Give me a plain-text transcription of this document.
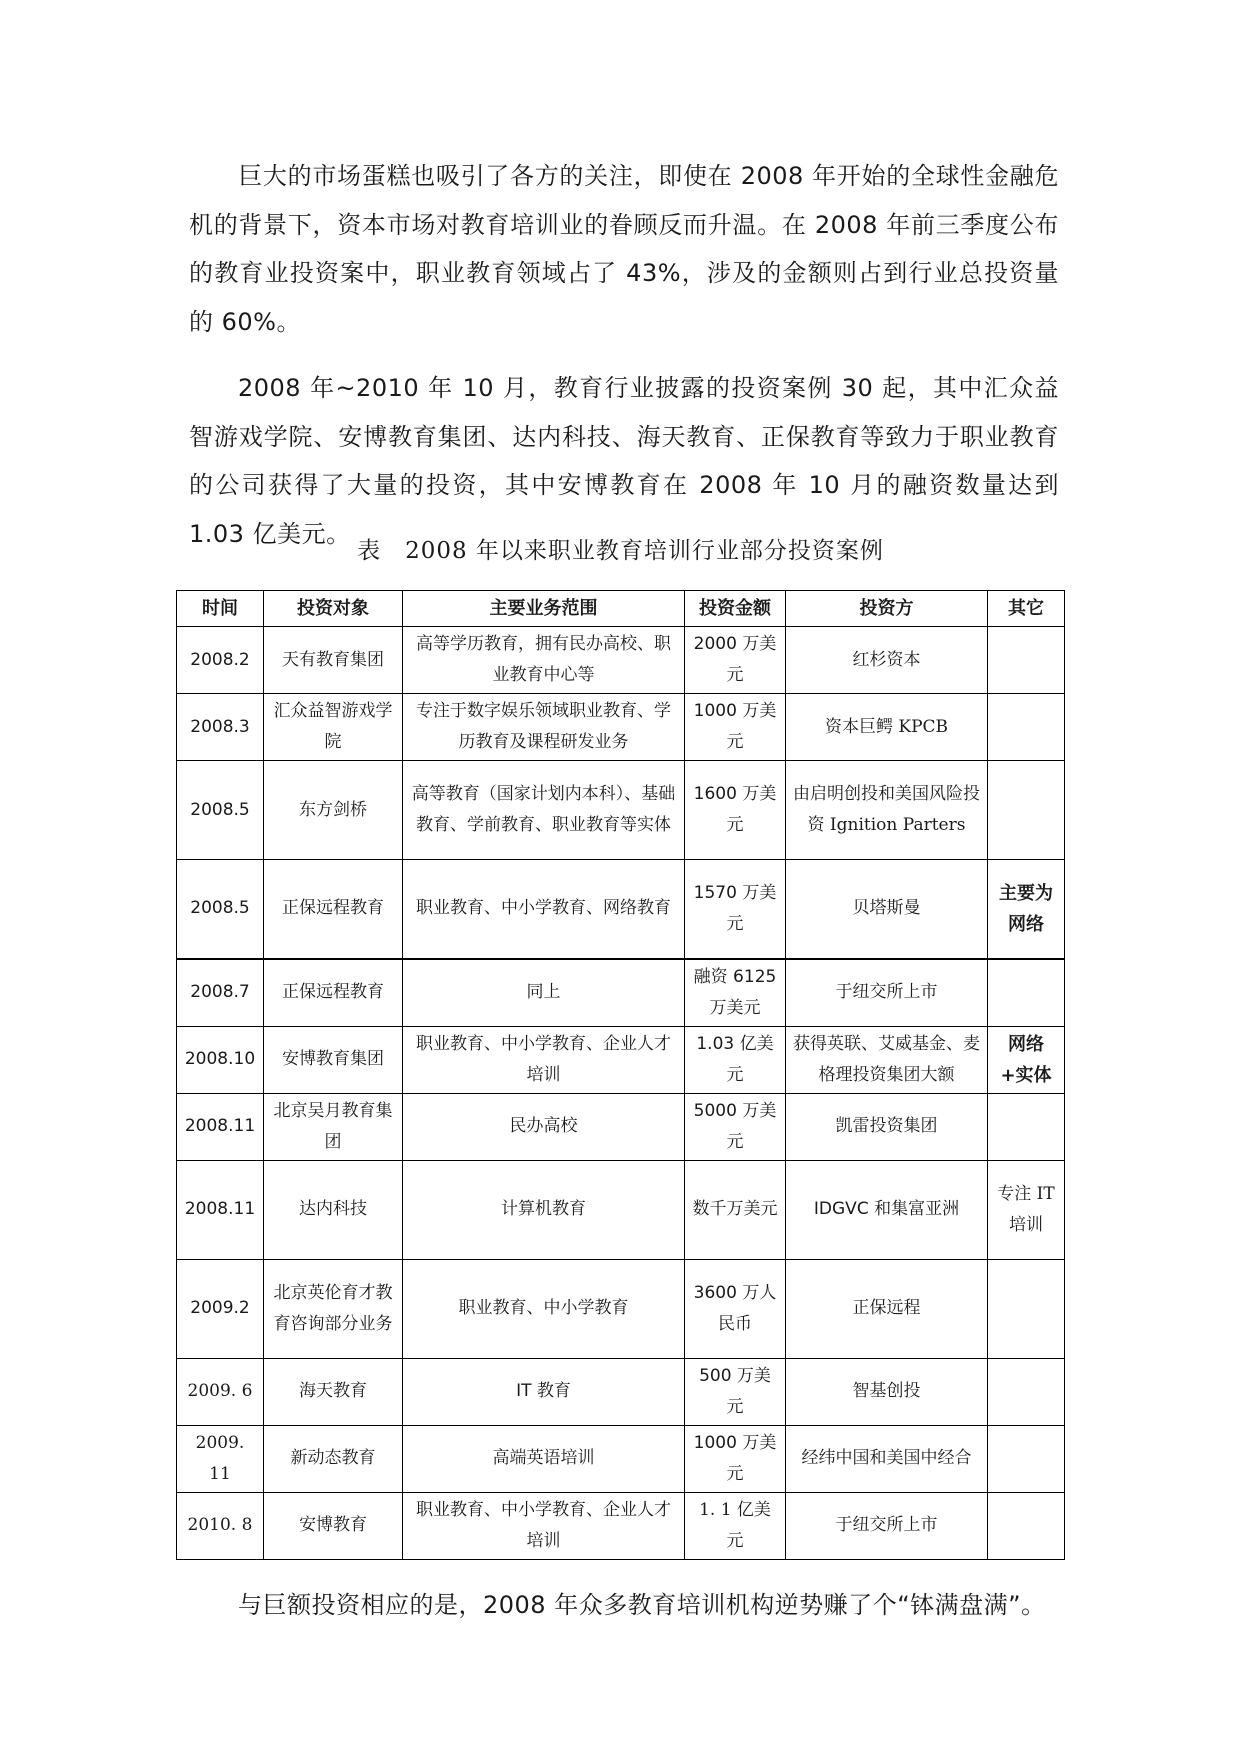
巨大的市场蛋糕也吸引了各方的关注，即使在 2008 年开始的全球性金融危机的背景下，资本市场对教育培训业的眷顾反而升温。在 2008 年前三季度公布的教育业投资案中，职业教育领域占了 43%，涉及的金额则占到行业总投资量的 60%。

2008 年~2010 年 10 月，教育行业披露的投资案例 30 起，其中汇众益智游戏学院、安博教育集团、达内科技、海天教育、正保教育等致力于职业教育的公司获得了大量的投资，其中安博教育在 2008 年 10 月的融资数量达到 1.03 亿美元。

表　2008 年以来职业教育培训行业部分投资案例
时间	投资对象	主要业务范围	投资金额	投资方	其它
2008.2	天有教育集团	高等学历教育，拥有民办高校、职业教育中心等	2000 万美元	红杉资本	
2008.3	汇众益智游戏学院	专注于数字娱乐领域职业教育、学历教育及课程研发业务	1000 万美元	资本巨鳄 KPCB	
2008.5	东方剑桥	高等教育（国家计划内本科）、基础教育、学前教育、职业教育等实体	1600 万美元	由启明创投和美国风险投资 Ignition Parters	
2008.5	正保远程教育	职业教育、中小学教育、网络教育	1570 万美元	贝塔斯曼	主要为网络
2008.7	正保远程教育	同上	融资 6125 万美元	于纽交所上市	
2008.10	安博教育集团	职业教育、中小学教育、企业人才培训	1.03 亿美元	获得英联、艾威基金、麦格理投资集团大额	网络+实体
2008.11	北京吴月教育集团	民办高校	5000 万美元	凯雷投资集团	
2008.11	达内科技	计算机教育	数千万美元	IDGVC 和集富亚洲	专注 IT 培训
2009.2	北京英伦育才教育咨询部分业务	职业教育、中小学教育	3600 万人民币	正保远程	
2009. 6	海天教育	IT 教育	500 万美元	智基创投	
2009. 11	新动态教育	高端英语培训	1000 万美元	经纬中国和美国中经合	
2010. 8	安博教育	职业教育、中小学教育、企业人才培训	1. 1 亿美元	于纽交所上市	

与巨额投资相应的是，2008 年众多教育培训机构逆势赚了个“钵满盘满”。
